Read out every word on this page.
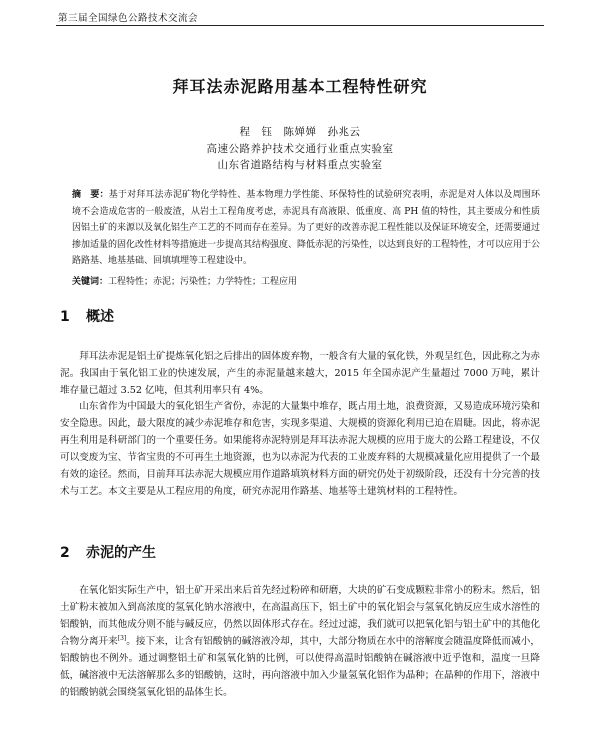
第三届全国绿色公路技术交流会
拜耳法赤泥路用基本工程特性研究
程　钰　陈婵婵　孙兆云
高速公路养护技术交通行业重点实验室
山东省道路结构与材料重点实验室
摘　要：基于对拜耳法赤泥矿物化学特性、基本物理力学性能、环保特性的试验研究表明，赤泥是对人体以及周围环境不会造成危害的一般废渣，从岩土工程角度考虑，赤泥具有高液限、低重度、高 PH 值的特性，其主要成分和性质因铝土矿的来源以及氧化铝生产工艺的不同而存在差异。为了更好的改善赤泥工程性能以及保证环境安全，还需要通过掺加适量的固化改性材料等措施进一步提高其结构强度、降低赤泥的污染性，以达到良好的工程特性，才可以应用于公路路基、地基基础、回填填埋等工程建设中。
关键词：工程特性；赤泥；污染性；力学特性；工程应用
1 概述
拜耳法赤泥是铝土矿提炼氧化铝之后排出的固体废弃物，一般含有大量的氧化铁，外观呈红色，因此称之为赤泥。我国由于氧化铝工业的快速发展，产生的赤泥量越来越大，2015 年全国赤泥产生量超过 7000 万吨，累计堆存量已超过 3.52 亿吨，但其利用率只有 4%。
山东省作为中国最大的氧化铝生产省份，赤泥的大量集中堆存，既占用土地，浪费资源，又易造成环境污染和安全隐患。因此，最大限度的减少赤泥堆存和危害，实现多渠道、大规模的资源化利用已迫在眉睫。因此，将赤泥再生利用是科研部门的一个重要任务。如果能将赤泥特别是拜耳法赤泥大规模的应用于庞大的公路工程建设，不仅可以变废为宝、节省宝贵的不可再生土地资源，也为以赤泥为代表的工业废弃料的大规模减量化应用提供了一个最有效的途径。然而，目前拜耳法赤泥大规模应用作道路填筑材料方面的研究仍处于初级阶段，还没有十分完善的技术与工艺。本文主要是从工程应用的角度，研究赤泥用作路基、地基等土建筑材料的工程特性。
2 赤泥的产生
在氧化铝实际生产中，铝土矿开采出来后首先经过粉碎和研磨，大块的矿石变成颗粒非常小的粉末。然后，铝土矿粉末被加入到高浓度的氢氧化钠水溶液中，在高温高压下，铝土矿中的氧化铝会与氢氧化钠反应生成水溶性的铝酸钠，而其他成分则不能与碱反应，仍然以固体形式存在。经过过滤，我们就可以把氧化铝与铝土矿中的其他化合物分离开来[3]。接下来，让含有铝酸钠的碱溶液冷却，其中，大部分物质在水中的溶解度会随温度降低而减小，铝酸钠也不例外。通过调整铝土矿和氢氧化钠的比例，可以使得高温时铝酸钠在碱溶液中近乎饱和，温度一旦降低，碱溶液中无法溶解那么多的铝酸钠，这时，再向溶液中加入少量氢氧化铝作为晶种；在晶种的作用下，溶液中的铝酸钠就会围绕氢氧化铝的晶体生长。
